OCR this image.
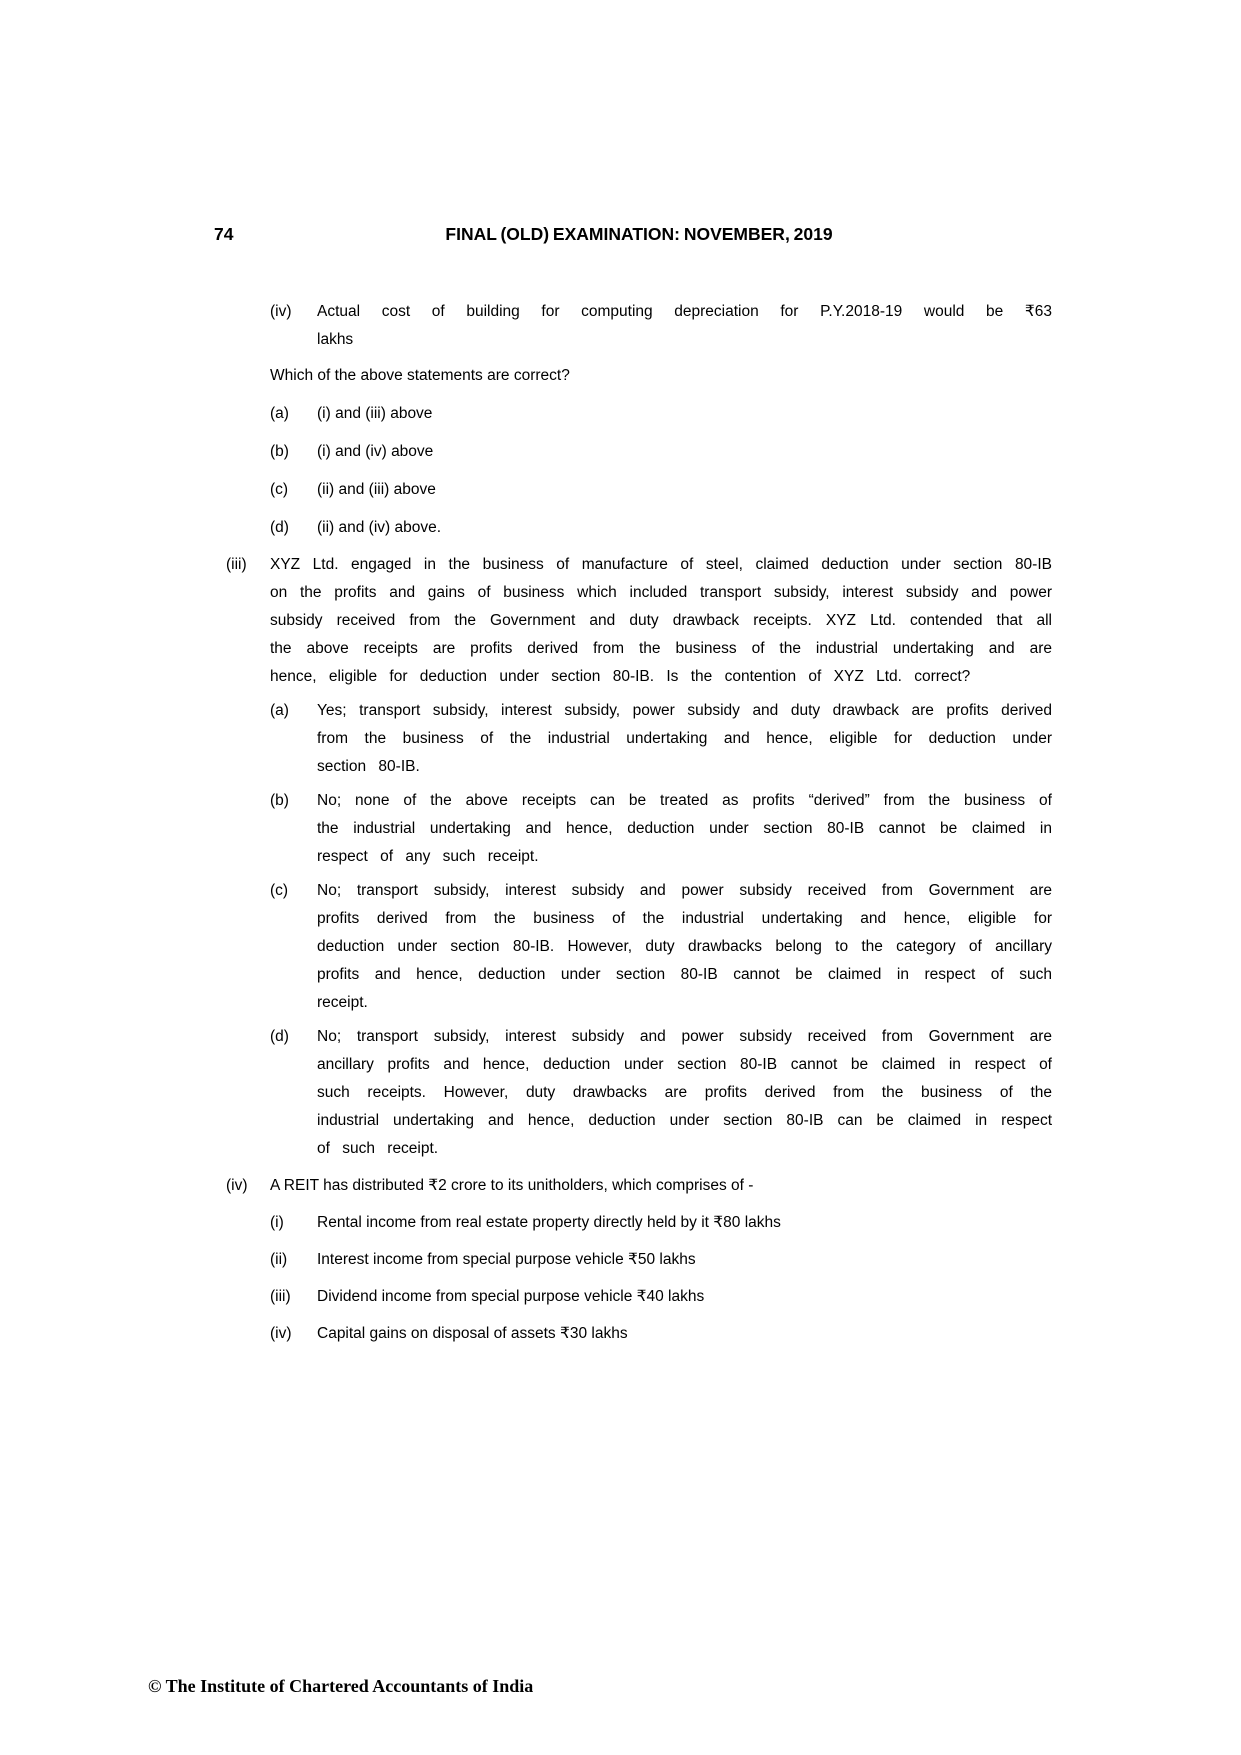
74	FINAL (OLD) EXAMINATION: NOVEMBER, 2019
(iv)	Actual cost of building for computing depreciation for P.Y.2018-19 would be ₹63 lakhs

Which of the above statements are correct?

(a)	(i) and (iii) above
(b)	(i) and (iv) above
(c)	(ii) and (iii) above
(d)	(ii) and (iv) above.
(iii)	XYZ Ltd. engaged in the business of manufacture of steel, claimed deduction under section 80-IB on the profits and gains of business which included transport subsidy, interest subsidy and power subsidy received from the Government and duty drawback receipts. XYZ Ltd. contended that all the above receipts are profits derived from the business of the industrial undertaking and are hence, eligible for deduction under section 80-IB. Is the contention of XYZ Ltd. correct?
(a)	Yes; transport subsidy, interest subsidy, power subsidy and duty drawback are profits derived from the business of the industrial undertaking and hence, eligible for deduction under section 80-IB.
(b)	No; none of the above receipts can be treated as profits “derived” from the business of the industrial undertaking and hence, deduction under section 80-IB cannot be claimed in respect of any such receipt.
(c)	No; transport subsidy, interest subsidy and power subsidy received from Government are profits derived from the business of the industrial undertaking and hence, eligible for deduction under section 80-IB. However, duty drawbacks belong to the category of ancillary profits and hence, deduction under section 80-IB cannot be claimed in respect of such receipt.
(d)	No; transport subsidy, interest subsidy and power subsidy received from Government are ancillary profits and hence, deduction under section 80-IB cannot be claimed in respect of such receipts. However, duty drawbacks are profits derived from the business of the industrial undertaking and hence, deduction under section 80-IB can be claimed in respect of such receipt.
(iv)	A REIT has distributed ₹2 crore to its unitholders, which comprises of -
(i)	Rental income from real estate property directly held by it ₹80 lakhs
(ii)	Interest income from special purpose vehicle ₹50 lakhs
(iii)	Dividend income from special purpose vehicle ₹40 lakhs
(iv)	Capital gains on disposal of assets ₹30 lakhs
© The Institute of Chartered Accountants of India
